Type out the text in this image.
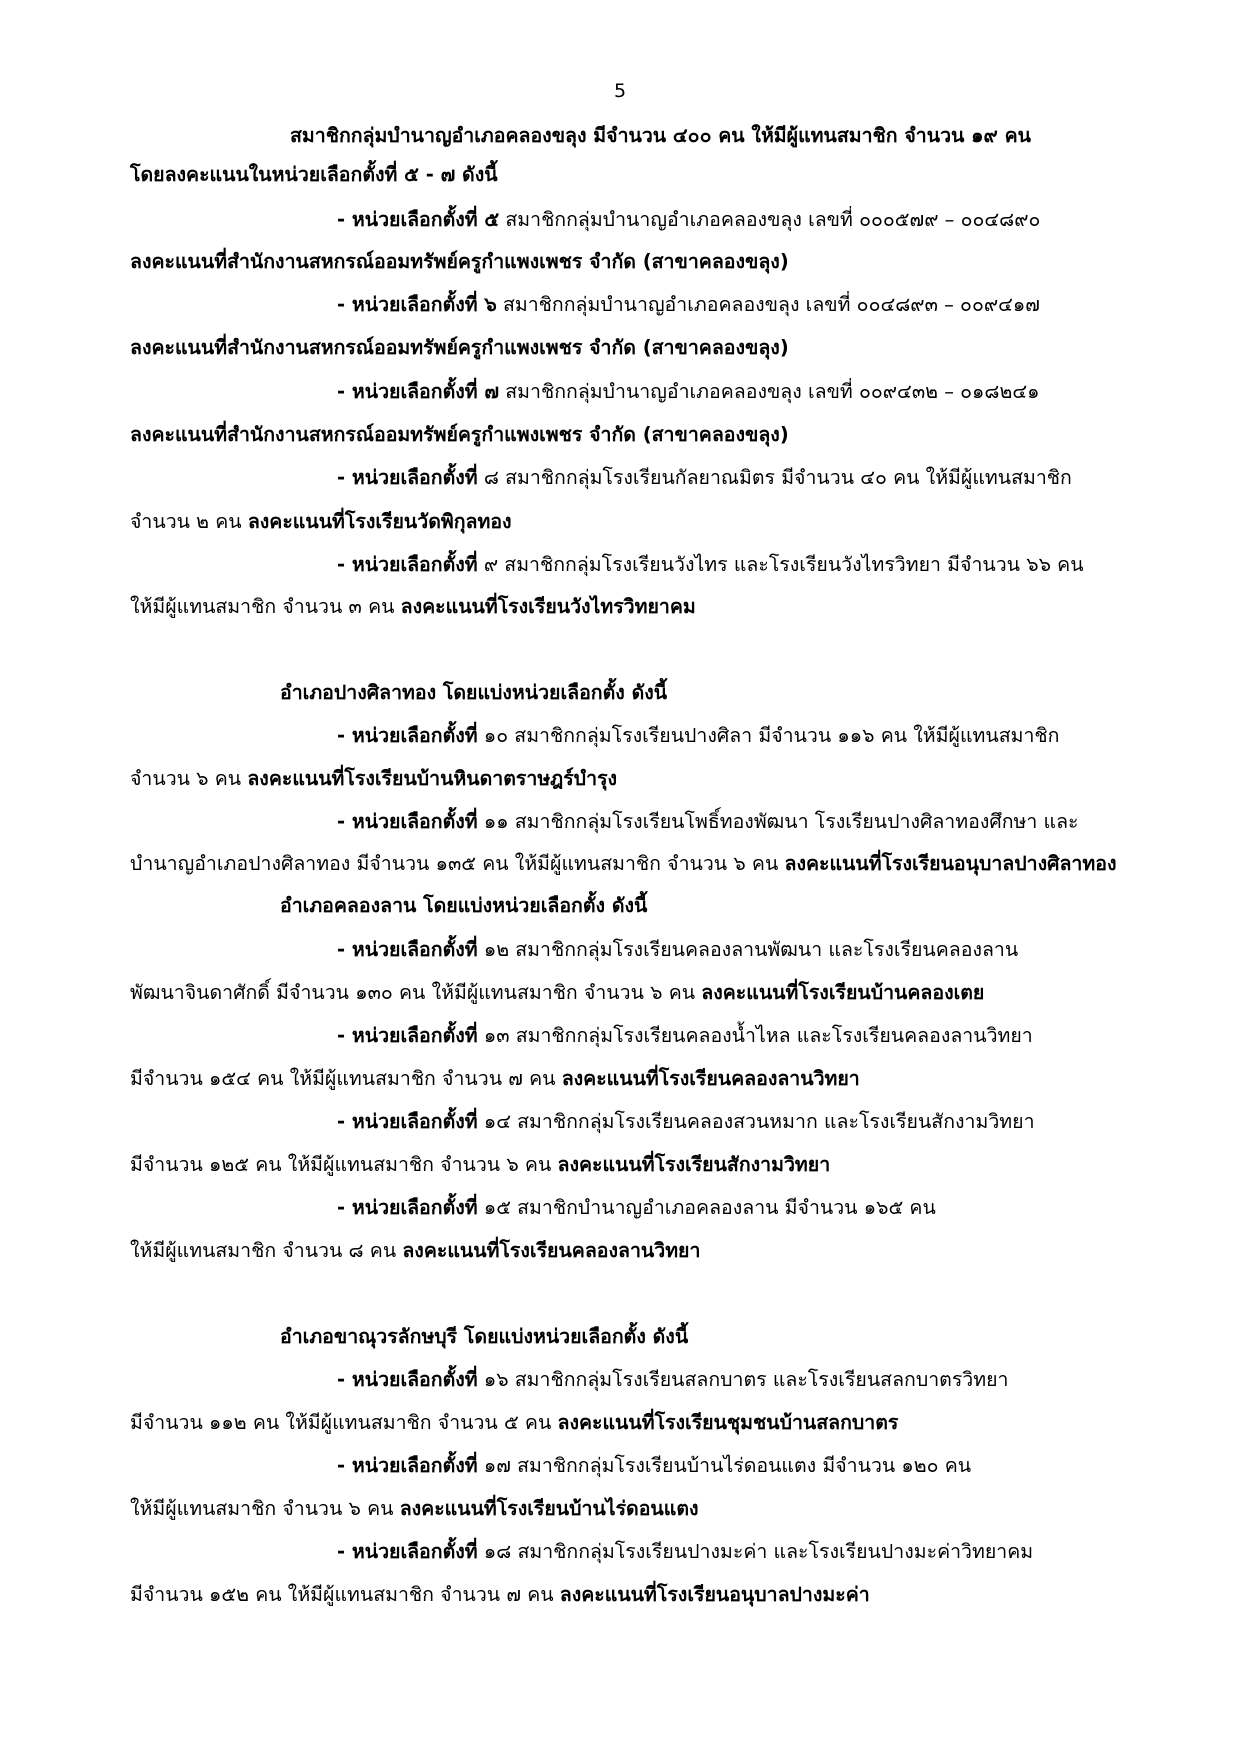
5
สมาชิกกลุ่มบำนาญอำเภอคลองขลุง มีจำนวน ๔๐๐ คน ให้มีผู้แทนสมาชิก จำนวน ๑๙ คน
โดยลงคะแนนในหน่วยเลือกตั้งที่ ๕ - ๗ ดังนี้
- หน่วยเลือกตั้งที่ ๕ สมาชิกกลุ่มบำนาญอำเภอคลองขลุง เลขที่ ๐๐๐๕๗๙ – ๐๐๔๘๙๐
ลงคะแนนที่สำนักงานสหกรณ์ออมทรัพย์ครูกำแพงเพชร จำกัด (สาขาคลองขลุง)
- หน่วยเลือกตั้งที่ ๖ สมาชิกกลุ่มบำนาญอำเภอคลองขลุง เลขที่ ๐๐๔๘๙๓ – ๐๐๙๔๑๗
ลงคะแนนที่สำนักงานสหกรณ์ออมทรัพย์ครูกำแพงเพชร จำกัด (สาขาคลองขลุง)
- หน่วยเลือกตั้งที่ ๗ สมาชิกกลุ่มบำนาญอำเภอคลองขลุง เลขที่ ๐๐๙๔๓๒ – ๐๑๘๒๔๑
ลงคะแนนที่สำนักงานสหกรณ์ออมทรัพย์ครูกำแพงเพชร จำกัด (สาขาคลองขลุง)
- หน่วยเลือกตั้งที่ ๘ สมาชิกกลุ่มโรงเรียนกัลยาณมิตร มีจำนวน ๔๐ คน ให้มีผู้แทนสมาชิก
จำนวน ๒ คน ลงคะแนนที่โรงเรียนวัดพิกุลทอง
- หน่วยเลือกตั้งที่ ๙ สมาชิกกลุ่มโรงเรียนวังไทร และโรงเรียนวังไทรวิทยา มีจำนวน ๖๖ คน
ให้มีผู้แทนสมาชิก จำนวน ๓ คน ลงคะแนนที่โรงเรียนวังไทรวิทยาคม
อำเภอปางศิลาทอง โดยแบ่งหน่วยเลือกตั้ง ดังนี้
- หน่วยเลือกตั้งที่ ๑๐ สมาชิกกลุ่มโรงเรียนปางศิลา มีจำนวน ๑๑๖ คน ให้มีผู้แทนสมาชิก
จำนวน ๖ คน ลงคะแนนที่โรงเรียนบ้านหินดาตราษฎร์บำรุง
- หน่วยเลือกตั้งที่ ๑๑ สมาชิกกลุ่มโรงเรียนโพธิ์ทองพัฒนา โรงเรียนปางศิลาทองศึกษา และ
บำนาญอำเภอปางศิลาทอง มีจำนวน ๑๓๕ คน ให้มีผู้แทนสมาชิก จำนวน ๖ คน ลงคะแนนที่โรงเรียนอนุบาลปางศิลาทอง
อำเภอคลองลาน โดยแบ่งหน่วยเลือกตั้ง ดังนี้
- หน่วยเลือกตั้งที่ ๑๒ สมาชิกกลุ่มโรงเรียนคลองลานพัฒนา และโรงเรียนคลองลาน
พัฒนาจินดาศักดิ์ มีจำนวน ๑๓๐ คน ให้มีผู้แทนสมาชิก จำนวน ๖ คน ลงคะแนนที่โรงเรียนบ้านคลองเตย
- หน่วยเลือกตั้งที่ ๑๓ สมาชิกกลุ่มโรงเรียนคลองน้ำไหล และโรงเรียนคลองลานวิทยา
มีจำนวน ๑๕๔ คน ให้มีผู้แทนสมาชิก จำนวน ๗ คน ลงคะแนนที่โรงเรียนคลองลานวิทยา
- หน่วยเลือกตั้งที่ ๑๔ สมาชิกกลุ่มโรงเรียนคลองสวนหมาก และโรงเรียนสักงามวิทยา
มีจำนวน ๑๒๕ คน ให้มีผู้แทนสมาชิก จำนวน ๖ คน ลงคะแนนที่โรงเรียนสักงามวิทยา
- หน่วยเลือกตั้งที่ ๑๕ สมาชิกบำนาญอำเภอคลองลาน มีจำนวน ๑๖๕ คน
ให้มีผู้แทนสมาชิก จำนวน ๘ คน ลงคะแนนที่โรงเรียนคลองลานวิทยา
อำเภอขาณุวรลักษบุรี โดยแบ่งหน่วยเลือกตั้ง ดังนี้
- หน่วยเลือกตั้งที่ ๑๖ สมาชิกกลุ่มโรงเรียนสลกบาตร และโรงเรียนสลกบาตรวิทยา
มีจำนวน ๑๑๒ คน ให้มีผู้แทนสมาชิก จำนวน ๕ คน ลงคะแนนที่โรงเรียนชุมชนบ้านสลกบาตร
- หน่วยเลือกตั้งที่ ๑๗ สมาชิกกลุ่มโรงเรียนบ้านไร่ดอนแตง มีจำนวน ๑๒๐ คน
ให้มีผู้แทนสมาชิก จำนวน ๖ คน ลงคะแนนที่โรงเรียนบ้านไร่ดอนแตง
- หน่วยเลือกตั้งที่ ๑๘ สมาชิกกลุ่มโรงเรียนปางมะค่า และโรงเรียนปางมะค่าวิทยาคม
มีจำนวน ๑๕๒ คน ให้มีผู้แทนสมาชิก จำนวน ๗ คน ลงคะแนนที่โรงเรียนอนุบาลปางมะค่า
